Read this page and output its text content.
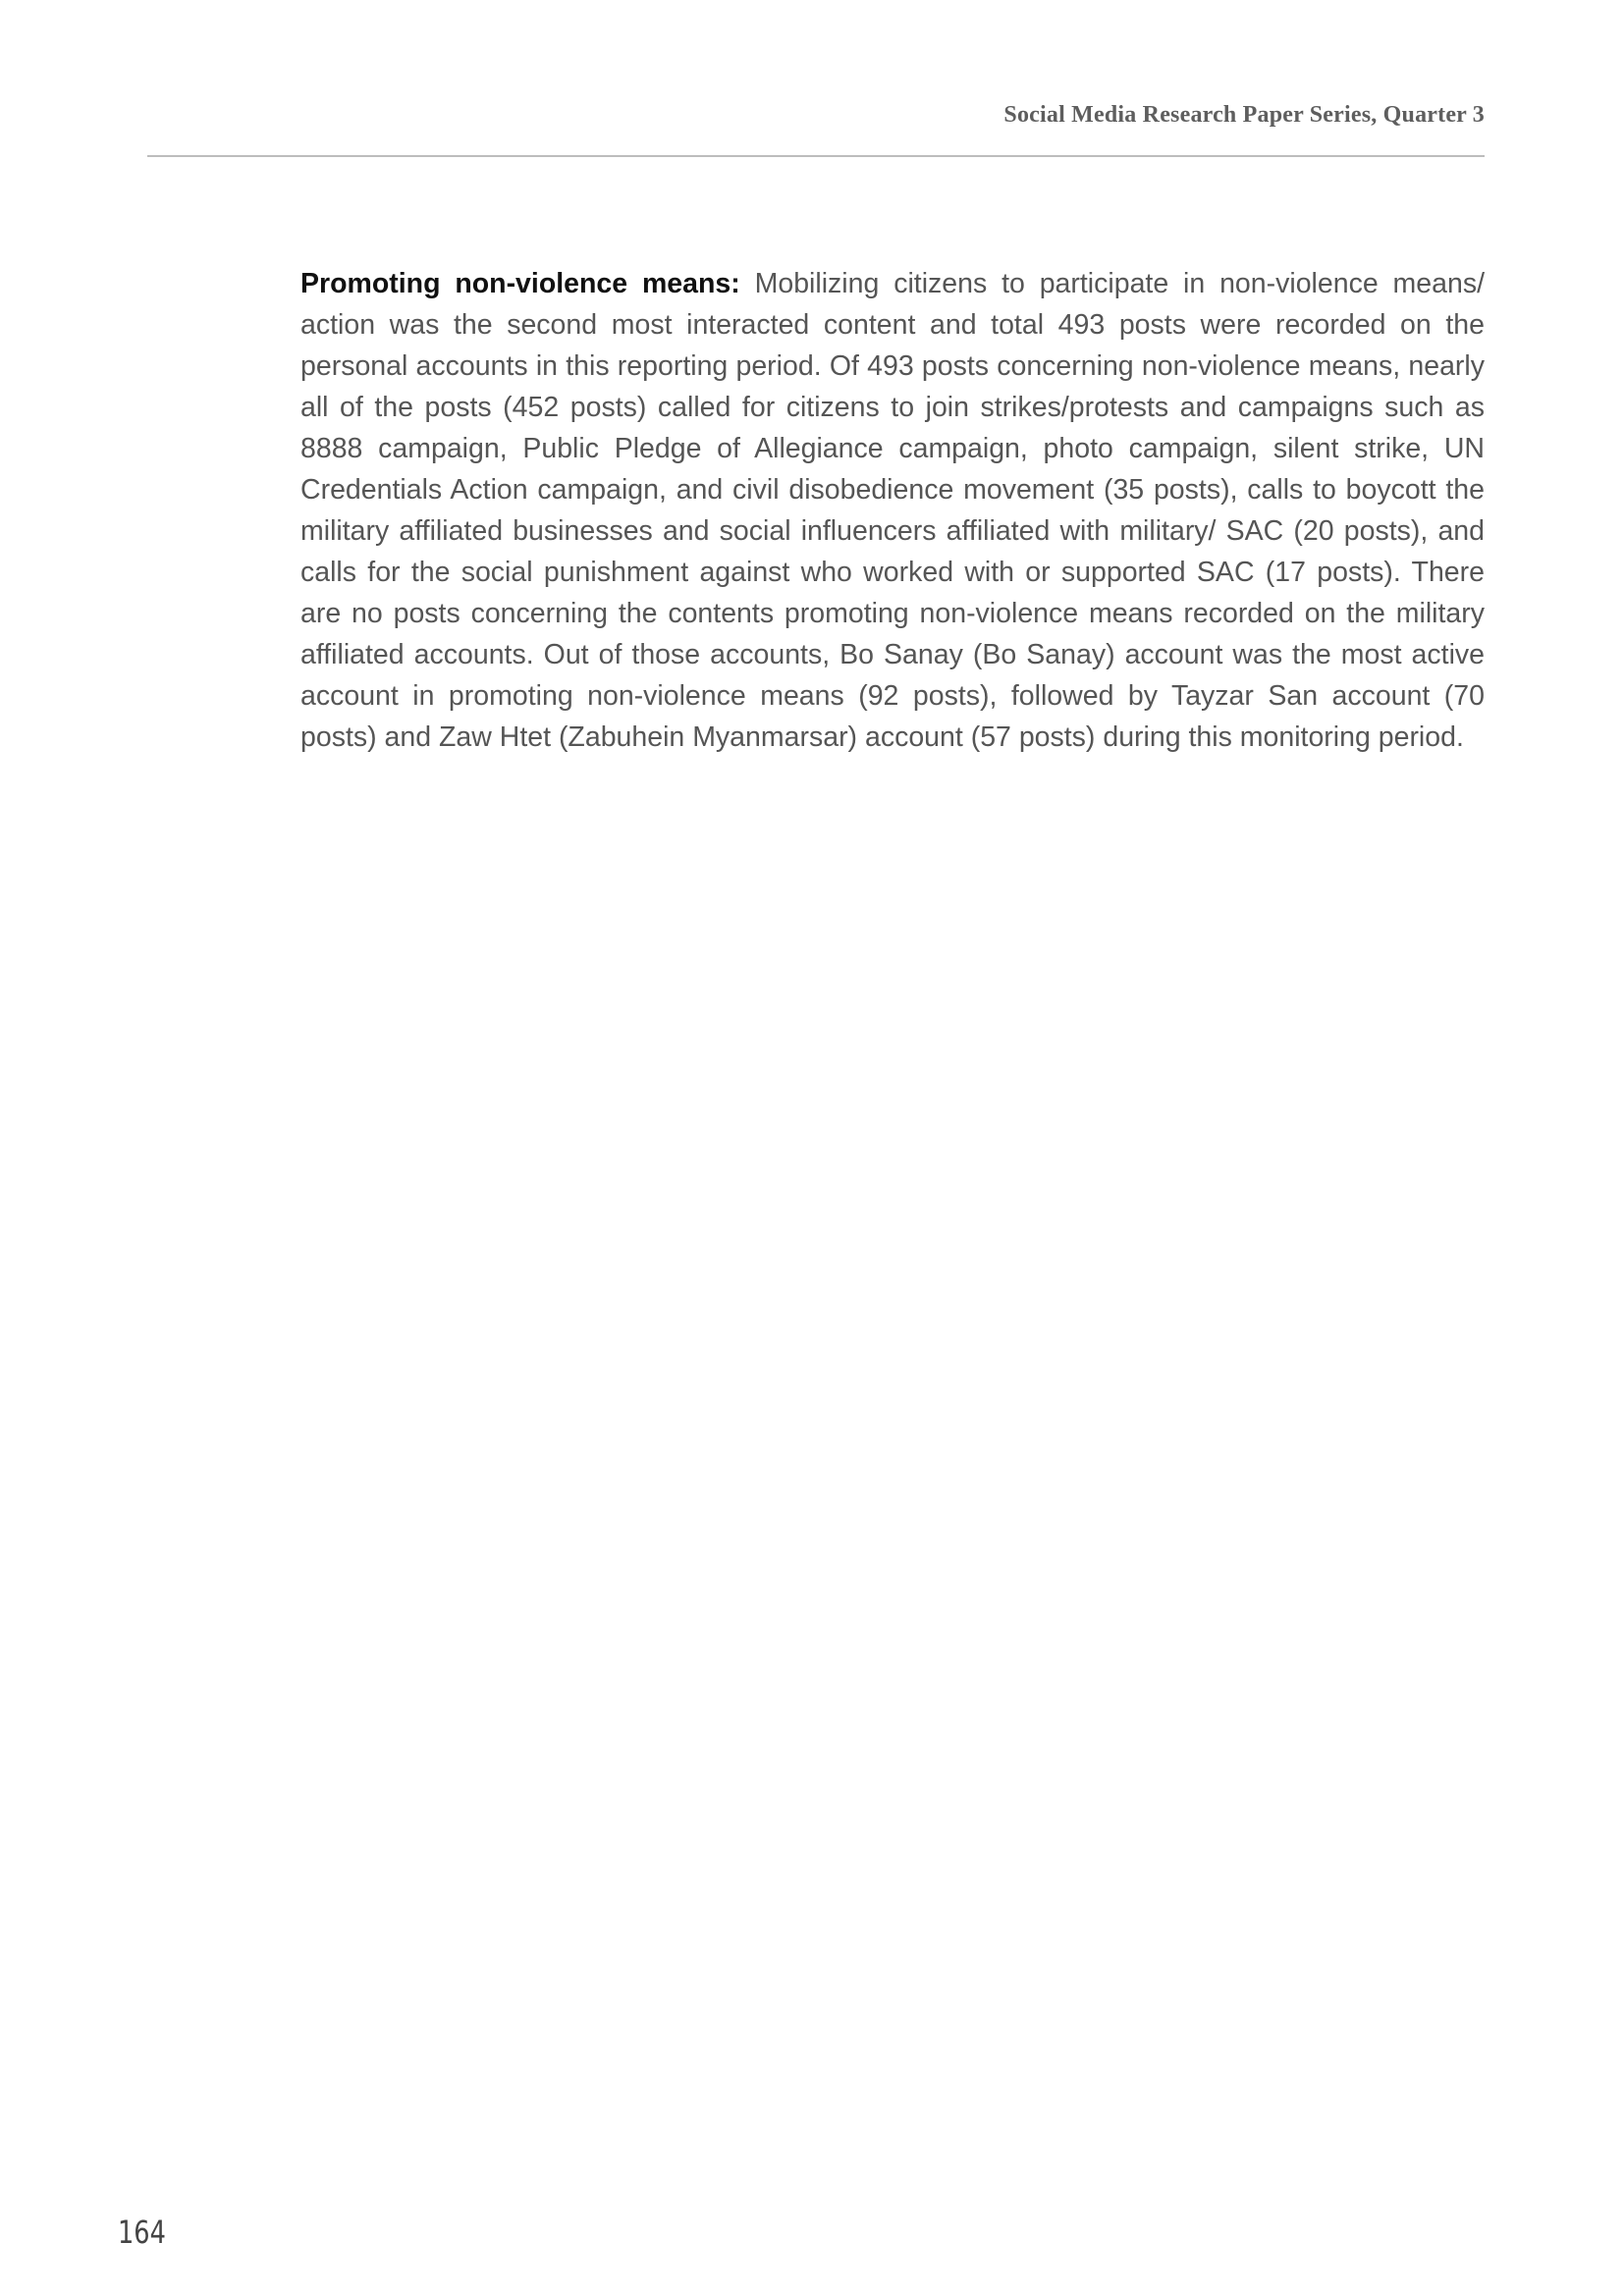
Social Media Research Paper Series, Quarter 3

Promoting non-violence means: Mobilizing citizens to participate in non-violence means/ action was the second most interacted content and total 493 posts were recorded on the personal accounts in this reporting period. Of 493 posts concerning non-violence means, nearly all of the posts (452 posts) called for citizens to join strikes/protests and campaigns such as 8888 campaign, Public Pledge of Allegiance campaign, photo campaign, silent strike, UN Credentials Action campaign, and civil disobedience movement (35 posts), calls to boycott the military affiliated businesses and social influencers affiliated with military/ SAC (20 posts), and calls for the social punishment against who worked with or supported SAC (17 posts). There are no posts concerning the contents promoting non-violence means recorded on the military affiliated accounts. Out of those accounts, Bo Sanay (Bo Sanay) account was the most active account in promoting non-violence means (92 posts), followed by Tayzar San account (70 posts) and Zaw Htet (Zabuhein Myanmarsar) account (57 posts) during this monitoring period.

164
